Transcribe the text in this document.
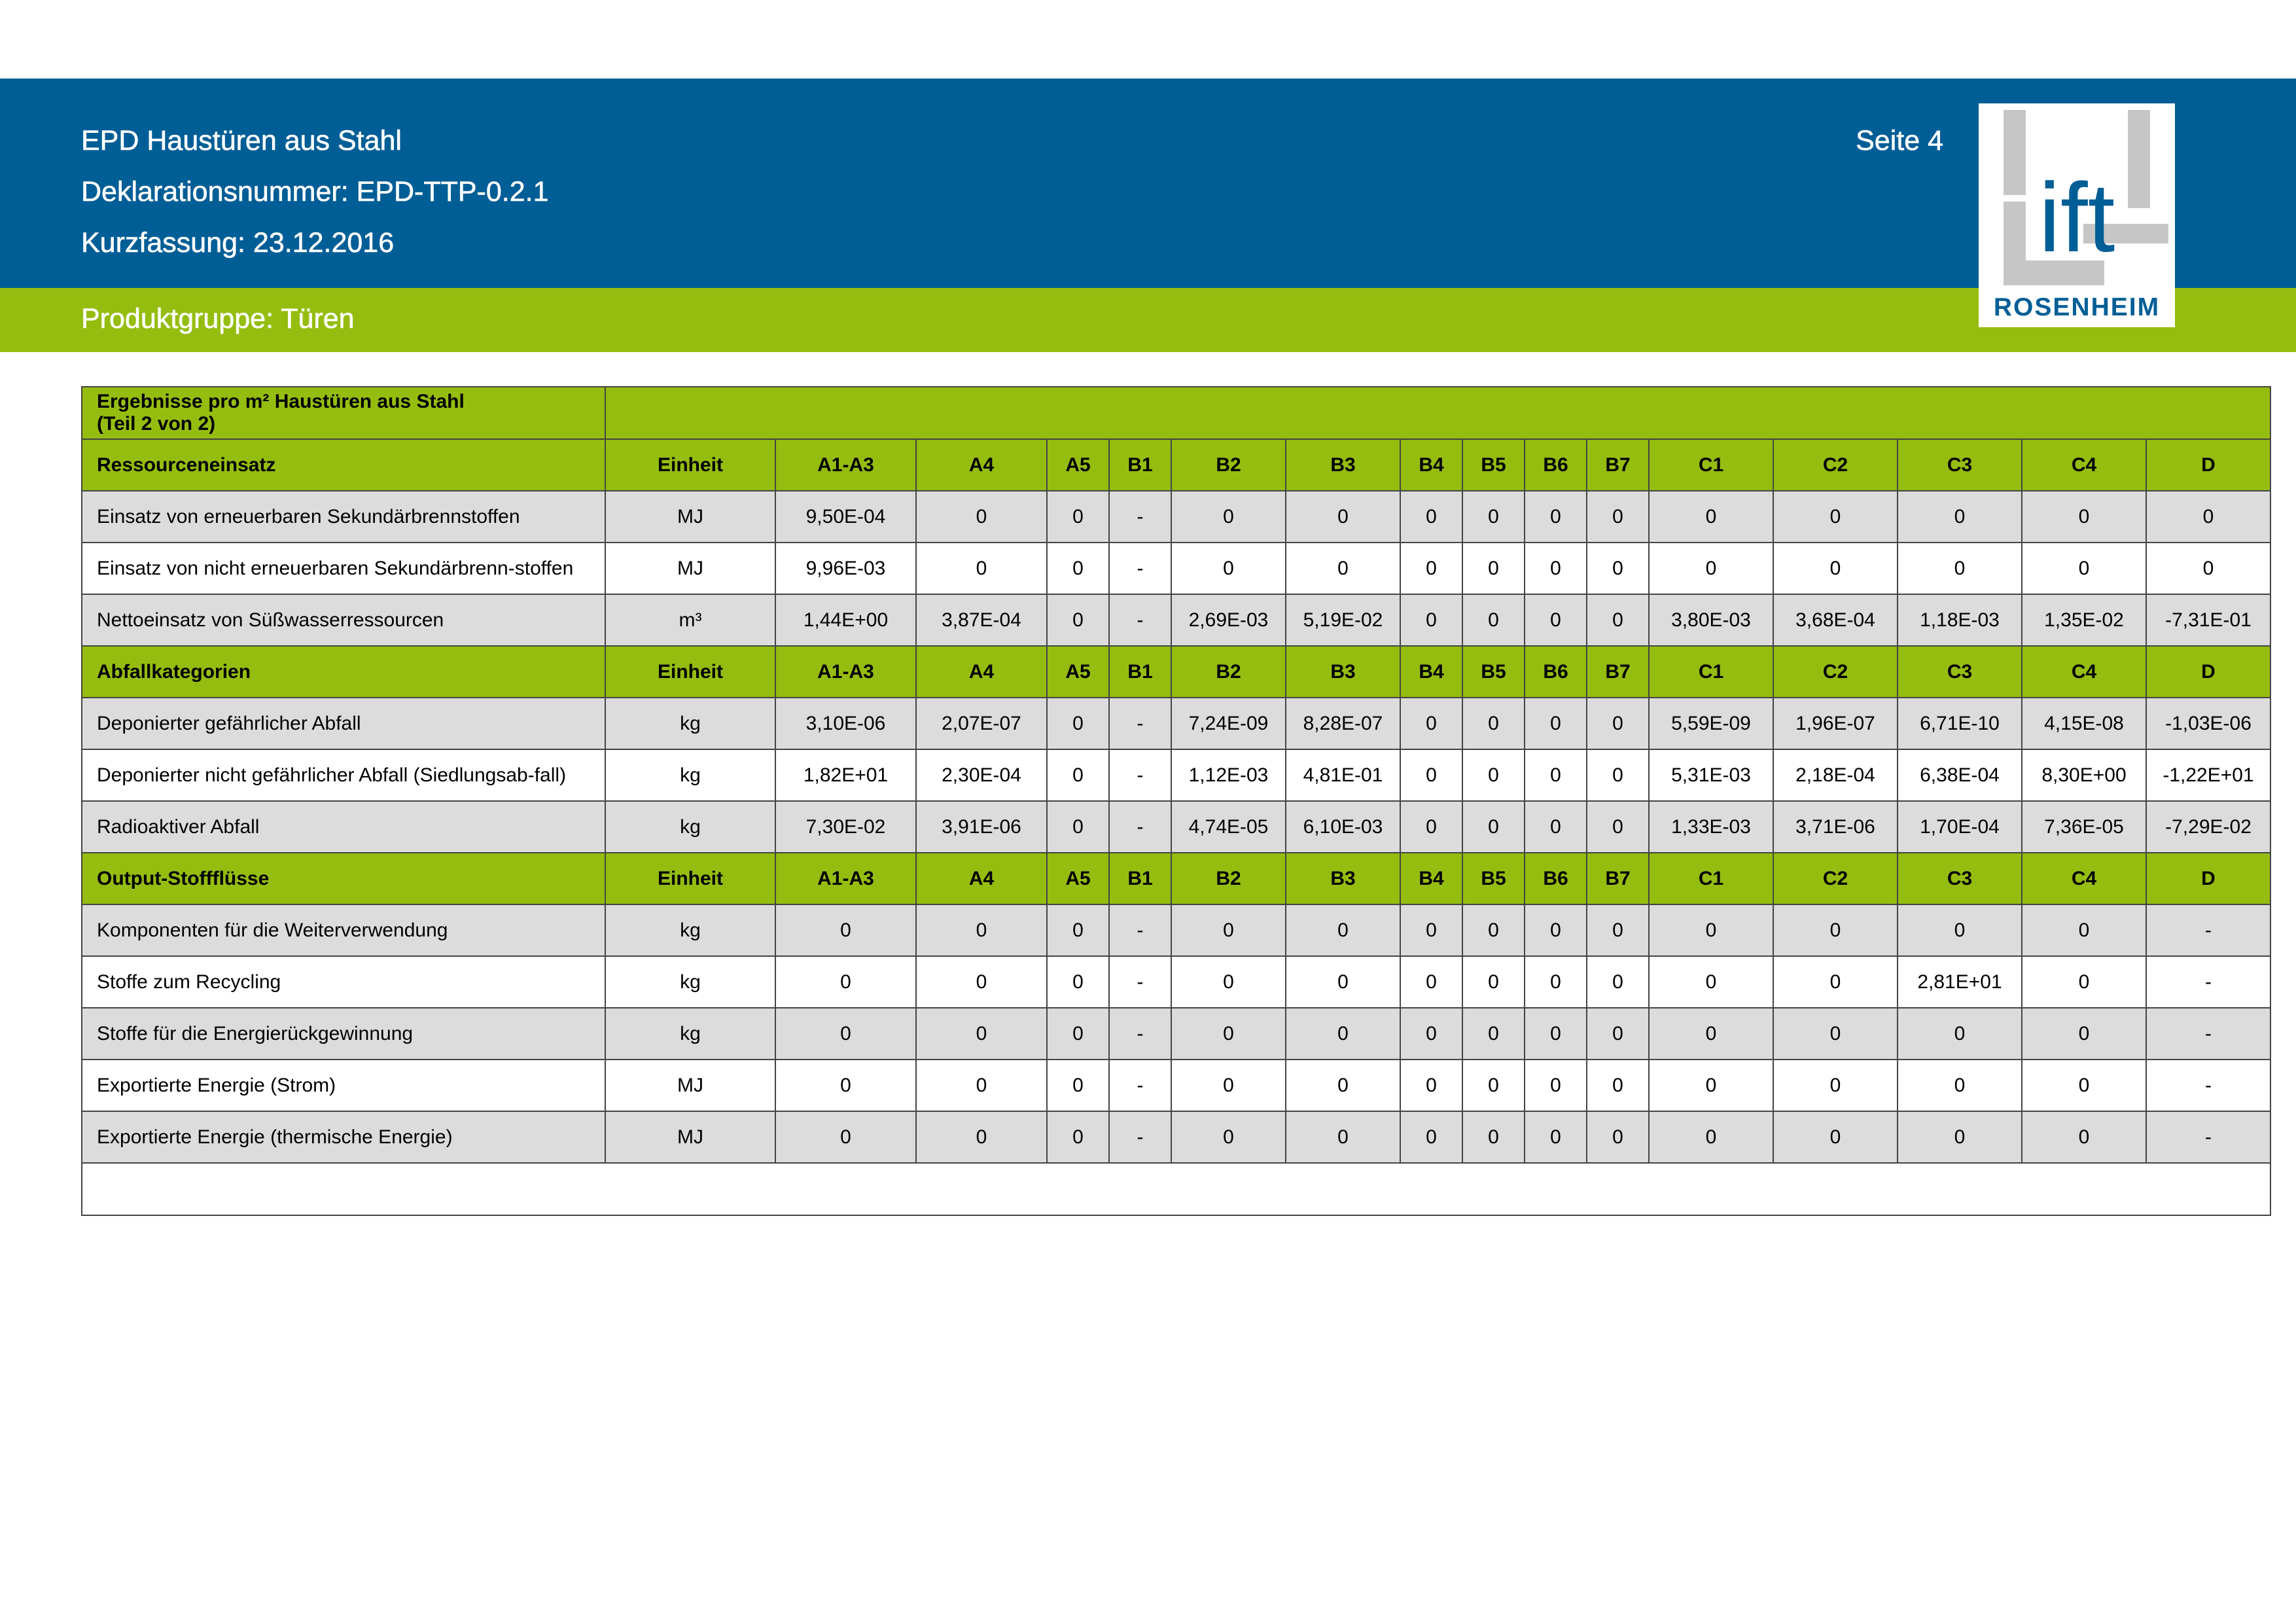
EPD Haustüren aus Stahl
Deklarationsnummer: EPD-TTP-0.2.1
Kurzfassung: 23.12.2016
Produktgruppe: Türen
Seite 4
ift
ROSENHEIM
Ergebnisse pro m² Haustüren aus Stahl
(Teil 2 von 2)																

Ressourceneinsatz	Einheit	A1-A3	A4	A5	B1	B2	B3	B4	B5	B6	B7	C1	C2	C3	C4	D
Einsatz von erneuerbaren Sekundärbrennstoffen	MJ	9,50E-04	0	0	-	0	0	0	0	0	0	0	0	0	0	0
Einsatz von nicht erneuerbaren Sekundärbrenn-stoffen	MJ	9,96E-03	0	0	-	0	0	0	0	0	0	0	0	0	0	0
Nettoeinsatz von Süßwasserressourcen	m³	1,44E+00	3,87E-04	0	-	2,69E-03	5,19E-02	0	0	0	0	3,80E-03	3,68E-04	1,18E-03	1,35E-02	-7,31E-01
Abfallkategorien	Einheit	A1-A3	A4	A5	B1	B2	B3	B4	B5	B6	B7	C1	C2	C3	C4	D
Deponierter gefährlicher Abfall	kg	3,10E-06	2,07E-07	0	-	7,24E-09	8,28E-07	0	0	0	0	5,59E-09	1,96E-07	6,71E-10	4,15E-08	-1,03E-06
Deponierter nicht gefährlicher Abfall (Siedlungsab-fall)	kg	1,82E+01	2,30E-04	0	-	1,12E-03	4,81E-01	0	0	0	0	5,31E-03	2,18E-04	6,38E-04	8,30E+00	-1,22E+01
Radioaktiver Abfall	kg	7,30E-02	3,91E-06	0	-	4,74E-05	6,10E-03	0	0	0	0	1,33E-03	3,71E-06	1,70E-04	7,36E-05	-7,29E-02
Output-Stoffflüsse	Einheit	A1-A3	A4	A5	B1	B2	B3	B4	B5	B6	B7	C1	C2	C3	C4	D
Komponenten für die Weiterverwendung	kg	0	0	0	-	0	0	0	0	0	0	0	0	0	0	-
Stoffe zum Recycling	kg	0	0	0	-	0	0	0	0	0	0	0	0	2,81E+01	0	-
Stoffe für die Energierückgewinnung	kg	0	0	0	-	0	0	0	0	0	0	0	0	0	0	-
Exportierte Energie (Strom)	MJ	0	0	0	-	0	0	0	0	0	0	0	0	0	0	-
Exportierte Energie (thermische Energie)	MJ	0	0	0	-	0	0	0	0	0	0	0	0	0	0	-
